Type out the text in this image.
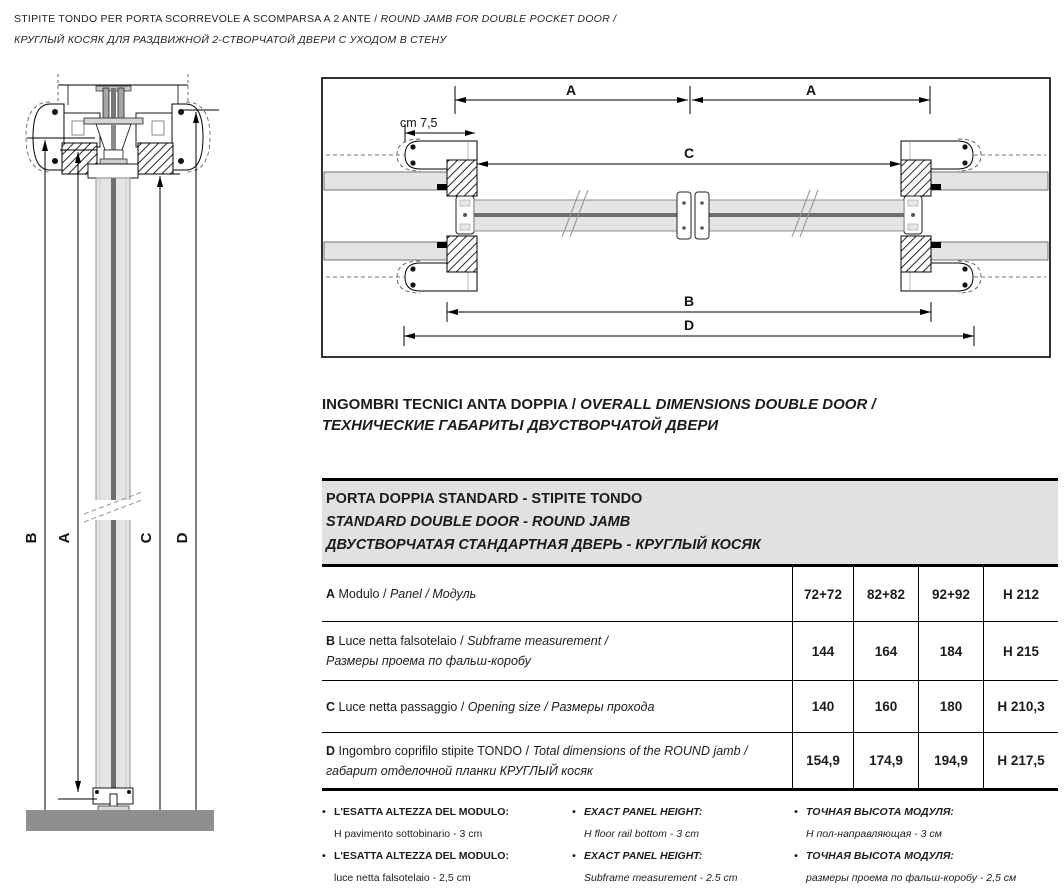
STIPITE TONDO PER PORTA SCORREVOLE A SCOMPARSA A 2 ANTE / ROUND JAMB FOR DOUBLE POCKET DOOR /
КРУГЛЫЙ КОСЯК ДЛЯ РАЗДВИЖНОЙ 2-СТВОРЧАТОЙ ДВЕРИ С УХОДОМ В СТЕНУ
B A	C D
A	A
cm 7,5
C
B
D
INGOMBRI TECNICI ANTA DOPPIA / OVERALL DIMENSIONS DOUBLE DOOR /
ТЕХНИЧЕСКИЕ ГАБАРИТЫ ДВУСТВОРЧАТОЙ ДВЕРИ
PORTA DOPPIA STANDARD - STIPITE TONDO
STANDARD DOUBLE DOOR - ROUND JAMB
ДВУСТВОРЧАТАЯ СТАНДАРТНАЯ ДВЕРЬ - КРУГЛЫЙ КОСЯК
A Modulo / Panel / Модуль	72+72	82+82	92+92	H 212
B Luce netta falsotelaio / Subframe measurement /
Размеры проема по фальш-коробу
144	164	184	H 215
C Luce netta passaggio / Opening size / Размеры прохода	140	160	180	H 210,3
D Ingombro coprifilo stipite TONDO / Total dimensions of the ROUND jamb /
габарит отделочной планки КРУГЛЫЙ косяк
154,9	174,9	194,9	H 217,5
• L'ESATTA ALTEZZA DEL MODULO:
H pavimento sottobinario - 3 cm
• L'ESATTA ALTEZZA DEL MODULO:
luce netta falsotelaio - 2,5 cm
• EXACT PANEL HEIGHT:
H floor rail bottom - 3 cm
• EXACT PANEL HEIGHT:
Subframe measurement - 2.5 cm
• ТОЧНАЯ ВЫСОТА МОДУЛЯ:
H пол-направляющая - 3 см
• ТОЧНАЯ ВЫСОТА МОДУЛЯ:
размеры проема по фальш-коробу - 2,5 см
